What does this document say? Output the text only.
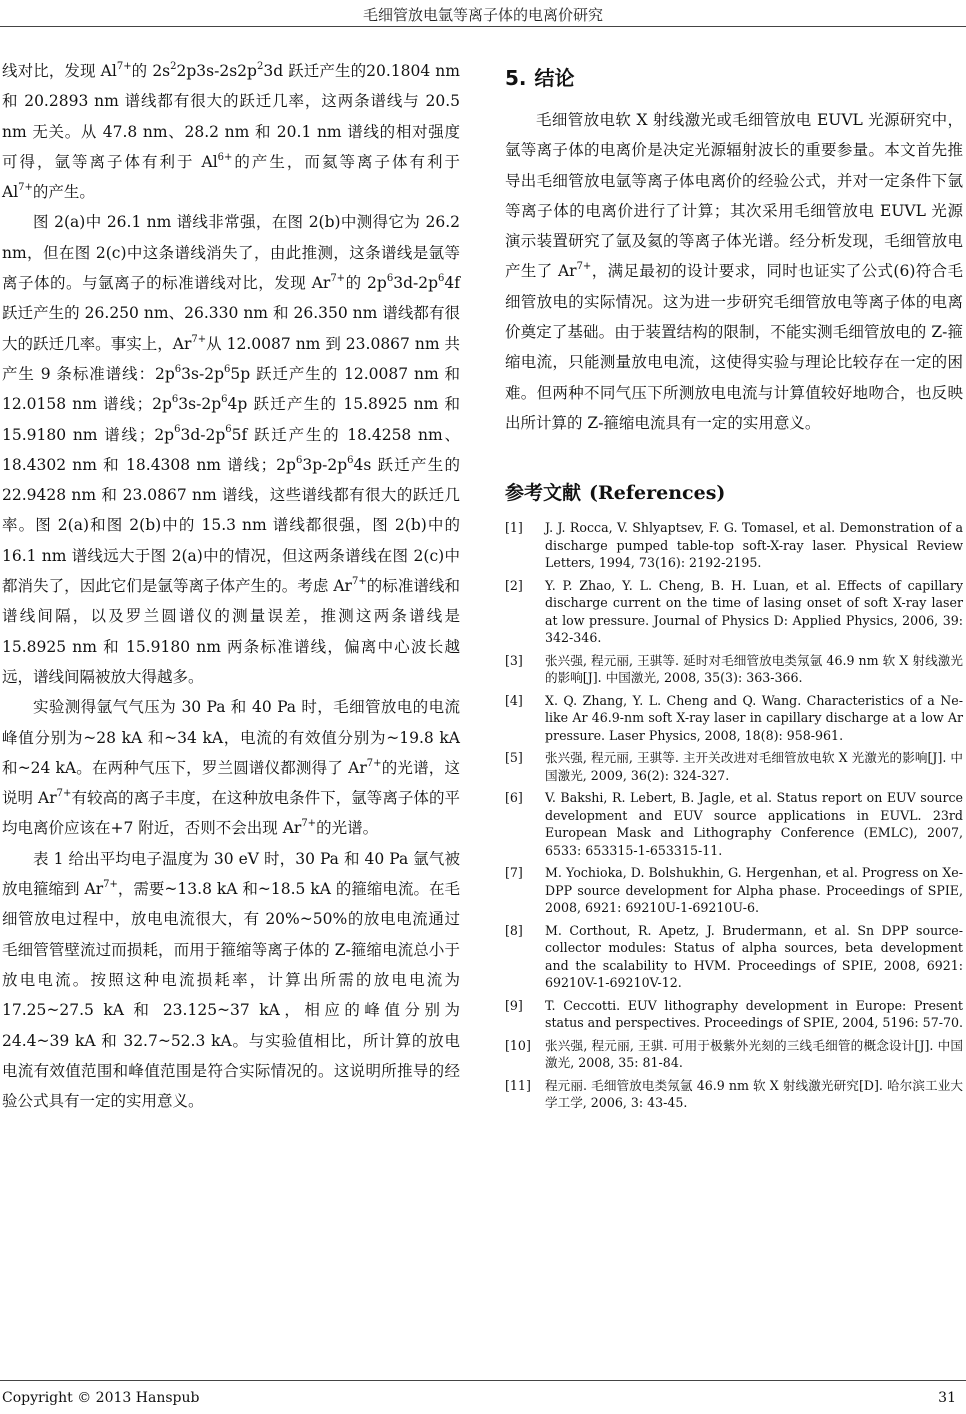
毛细管放电氩等离子体的电离价研究

线对比，发现 $Al^{7+}$的 $2s^22p3s-2s2p^23d$ 跃迁产生的20.1804 nm 和 20.2893 nm 谱线都有很大的跃迁几率，这两条谱线与 20.5 nm 无关。从 47.8 nm、28.2 nm 和 20.1 nm 谱线的相对强度可得，氩等离子体有利于 $Al^{6+}$的产生，而氦等离子体有利于 $Al^{7+}$的产生。

图 2(a)中 26.1 nm 谱线非常强，在图 2(b)中测得它为 26.2 nm，但在图 2(c)中这条谱线消失了，由此推测，这条谱线是氩等离子体的。与氩离子的标准谱线对比，发现 $Ar^{7+}$的 $2p^63d-2p^64f$ 跃迁产生的 26.250 nm、26.330 nm 和 26.350 nm 谱线都有很大的跃迁几率。事实上，$Ar^{7+}$从 12.0087 nm 到 23.0867 nm 共产生 9 条标准谱线：$2p^63s-2p^65p$ 跃迁产生的 12.0087 nm 和 12.0158 nm 谱线；$2p^63s-2p^64p$ 跃迁产生的 15.8925 nm 和15.9180 nm 谱线；$2p^63d-2p^65f$ 跃迁产生的 18.4258 nm、18.4302 nm 和 18.4308 nm 谱线；$2p^63p-2p^64s$ 跃迁产生的 22.9428 nm 和 23.0867 nm 谱线，这些谱线都有很大的跃迁几率。图 2(a)和图 2(b)中的 15.3 nm 谱线都很强，图 2(b)中的 16.1 nm 谱线远大于图 2(a)中的情况，但这两条谱线在图 2(c)中都消失了，因此它们是氩等离子体产生的。考虑 $Ar^{7+}$的标准谱线和谱线间隔，以及罗兰圆谱仪的测量误差，推测这两条谱线是15.8925 nm 和 15.9180 nm 两条标准谱线，偏离中心波长越远，谱线间隔被放大得越多。

实验测得氩气气压为 30 Pa 和 40 Pa 时，毛细管放电的电流峰值分别为~28 kA 和~34 kA，电流的有效值分别为~19.8 kA 和~24 kA。在两种气压下，罗兰圆谱仪都测得了 $Ar^{7+}$的光谱，这说明 $Ar^{7+}$有较高的离子丰度，在这种放电条件下，氩等离子体的平均电离价应该在+7 附近，否则不会出现 $Ar^{7+}$的光谱。

表 1 给出平均电子温度为 30 eV 时，30 Pa 和 40 Pa 氩气被放电箍缩到 $Ar^{7+}$，需要~13.8 kA 和~18.5 kA 的箍缩电流。在毛细管放电过程中，放电电流很大，有 20%~50%的放电电流通过毛细管管壁流过而损耗，而用于箍缩等离子体的 Z-箍缩电流总小于放电电流。按照这种电流损耗率，计算出所需的放电电流为17.25~27.5 kA 和 23.125~37 kA，相应的峰值分别为24.4~39 kA 和 32.7~52.3 kA。与实验值相比，所计算的放电电流有效值范围和峰值范围是符合实际情况的。这说明所推导的经验公式具有一定的实用意义。

5. 结论

毛细管放电软 X 射线激光或毛细管放电 EUVL 光源研究中，氩等离子体的电离价是决定光源辐射波长的重要参量。本文首先推导出毛细管放电氩等离子体电离价的经验公式，并对一定条件下氩等离子体的电离价进行了计算；其次采用毛细管放电 EUVL 光源演示装置研究了氩及氦的等离子体光谱。经分析发现，毛细管放电产生了 $Ar^{7+}$，满足最初的设计要求，同时也证实了公式(6)符合毛细管放电的实际情况。这为进一步研究毛细管放电等离子体的电离价奠定了基础。由于装置结构的限制，不能实测毛细管放电的 Z-箍缩电流，只能测量放电电流，这使得实验与理论比较存在一定的困难。但两种不同气压下所测放电电流与计算值较好地吻合，也反映出所计算的 Z-箍缩电流具有一定的实用意义。

参考文献 (References)
[1]	J. J. Rocca, V. Shlyaptsev, F. G. Tomasel, et al. Demonstration of a discharge pumped table-top soft-X-ray laser. Physical Review Letters, 1994, 73(16): 2192-2195.
[2]	Y. P. Zhao, Y. L. Cheng, B. H. Luan, et al. Effects of capillary discharge current on the time of lasing onset of soft X-ray laser at low pressure. Journal of Physics D: Applied Physics, 2006, 39: 342-346.
[3]	张兴强, 程元丽, 王骐等. 延时对毛细管放电类氖氩 46.9 nm 软 X 射线激光的影响[J]. 中国激光, 2008, 35(3): 363-366.
[4]	X. Q. Zhang, Y. L. Cheng and Q. Wang. Characteristics of a Ne-like Ar 46.9-nm soft X-ray laser in capillary discharge at a low Ar pressure. Laser Physics, 2008, 18(8): 958-961.
[5]	张兴强, 程元丽, 王骐等. 主开关改进对毛细管放电软 X 光激光的影响[J]. 中国激光, 2009, 36(2): 324-327.
[6]	V. Bakshi, R. Lebert, B. Jagle, et al. Status report on EUV source development and EUV source applications in EUVL. 23rd European Mask and Lithography Conference (EMLC), 2007, 6533: 653315-1-653315-11.
[7]	M. Yochioka, D. Bolshukhin, G. Hergenhan, et al. Progress on Xe-DPP source development for Alpha phase. Proceedings of SPIE, 2008, 6921: 69210U-1-69210U-6.
[8]	M. Corthout, R. Apetz, J. Brudermann, et al. Sn DPP source-collector modules: Status of alpha sources, beta development and the scalability to HVM. Proceedings of SPIE, 2008, 6921: 69210V-1-69210V-12.
[9]	T. Ceccotti. EUV lithography development in Europe: Present status and perspectives. Proceedings of SPIE, 2004, 5196: 57-70.
[10]	张兴强, 程元丽, 王骐. 可用于极紫外光刻的三线毛细管的概念设计[J]. 中国激光, 2008, 35: 81-84.
[11]	程元丽. 毛细管放电类氖氩 46.9 nm 软 X 射线激光研究[D]. 哈尔滨工业大学工学, 2006, 3: 43-45.
Copyright © 2013 Hanspub	31
